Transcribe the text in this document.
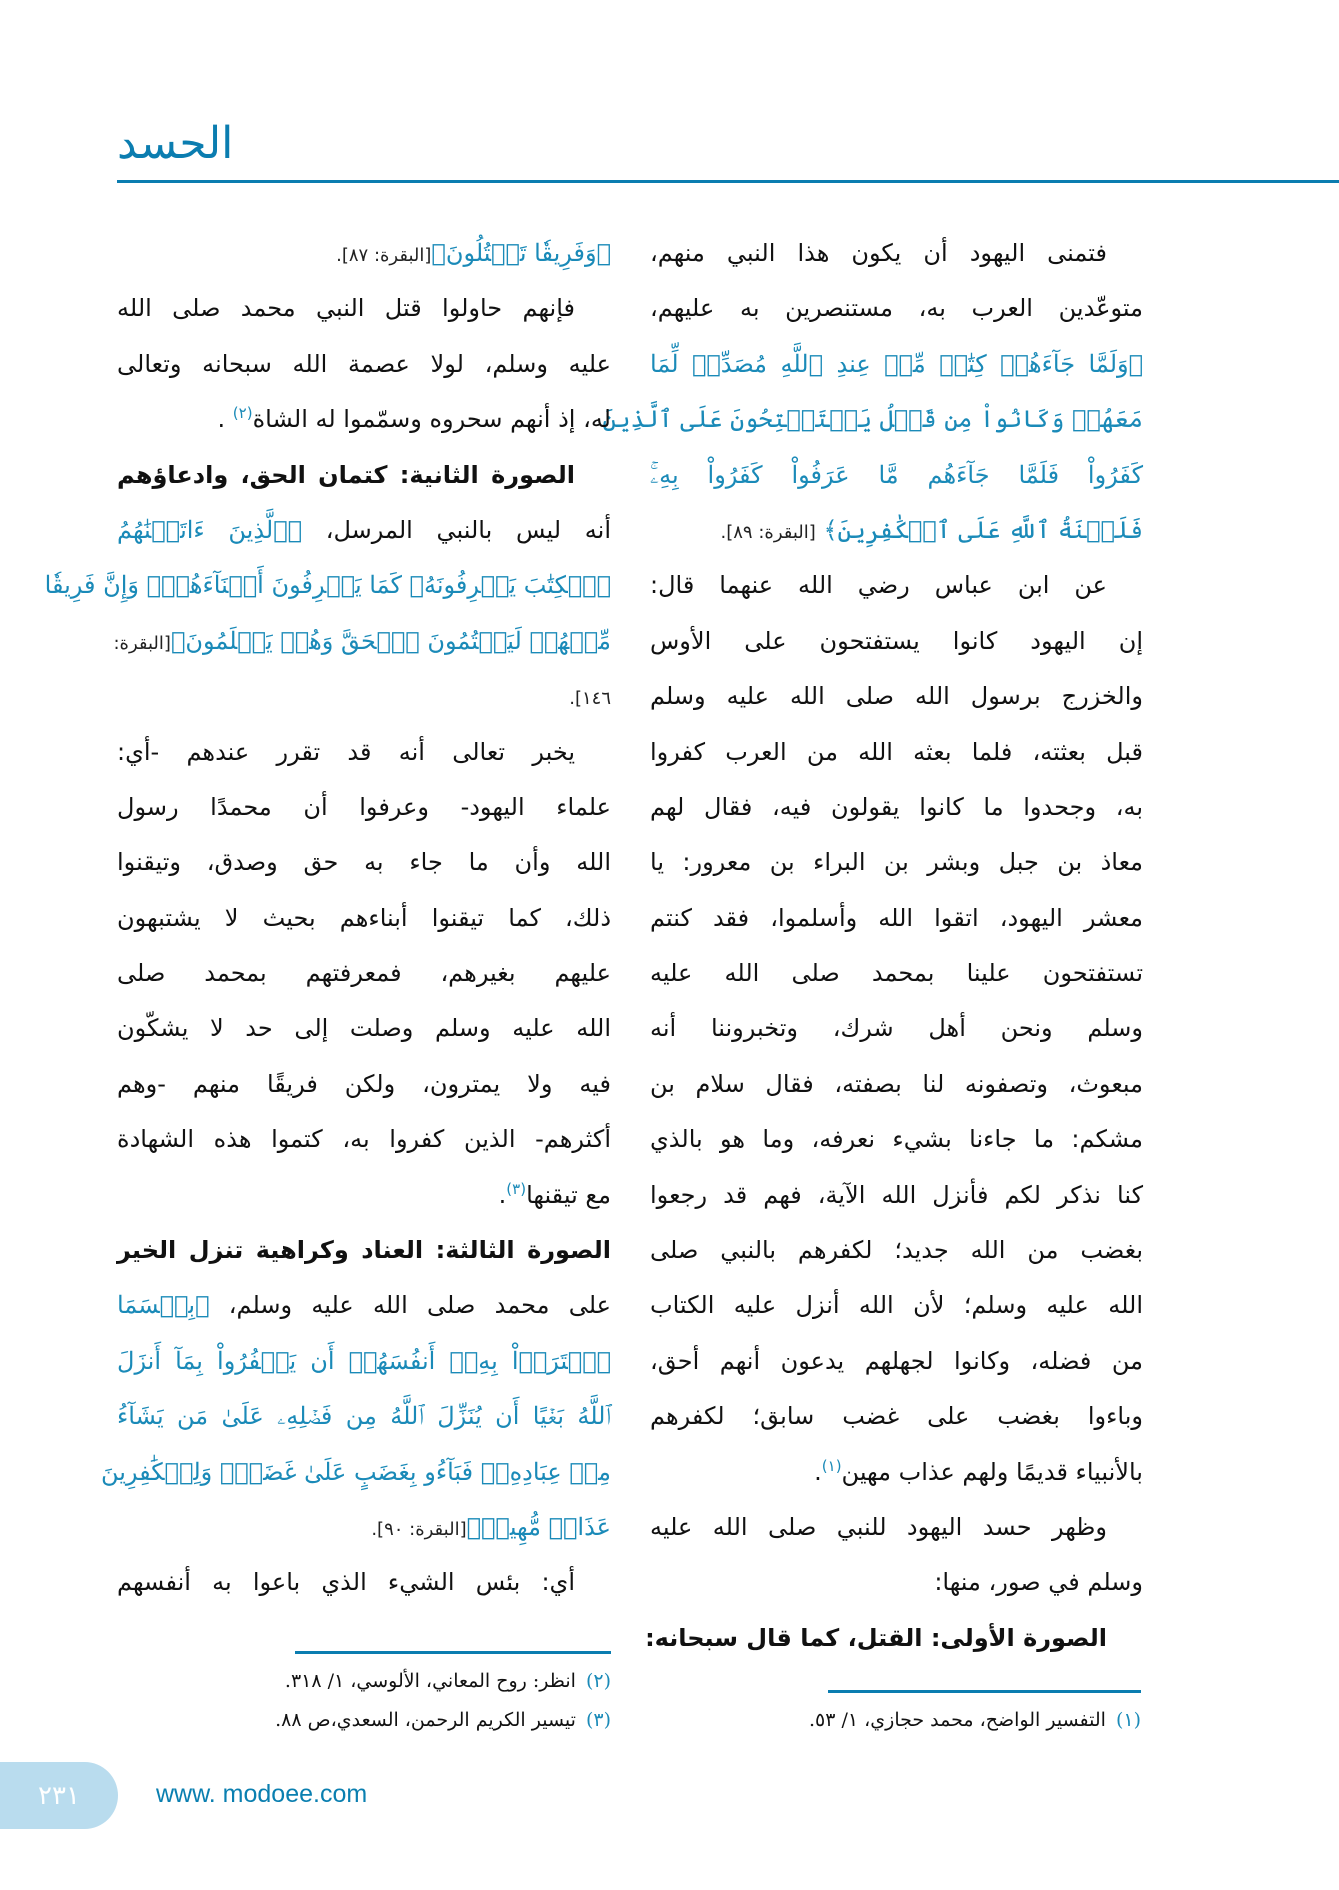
الحسد
فتمنى اليهود أن يكون هذا النبي منهم،
متوعّدين العرب به، مستنصرين به عليهم،
﴿وَلَمَّا جَآءَهُمۡ كِتَٰبٞ مِّنۡ عِندِ ٱللَّهِ مُصَدِّقٞ لِّمَا
مَعَهُمۡ وَكَانُواْ مِن قَبۡلُ يَسۡتَفۡتِحُونَ عَلَى ٱلَّذِينَ
كَفَرُواْ فَلَمَّا جَآءَهُم مَّا عَرَفُواْ كَفَرُواْ بِهِۦۚ
فَلَعۡنَةُ ٱللَّهِ عَلَى ٱلۡكَٰفِرِينَ﴾ [البقرة: ٨٩].
عن ابن عباس رضي الله عنهما قال:
إن اليهود كانوا يستفتحون على الأوس
والخزرج برسول الله صلى الله عليه وسلم
قبل بعثته، فلما بعثه الله من العرب كفروا
به، وجحدوا ما كانوا يقولون فيه، فقال لهم
معاذ بن جبل وبشر بن البراء بن معرور: يا
معشر اليهود، اتقوا الله وأسلموا، فقد كنتم
تستفتحون علينا بمحمد صلى الله عليه
وسلم ونحن أهل شرك، وتخبروننا أنه
مبعوث، وتصفونه لنا بصفته، فقال سلام بن
مشكم: ما جاءنا بشيء نعرفه، وما هو بالذي
كنا نذكر لكم فأنزل الله الآية، فهم قد رجعوا
بغضب من الله جديد؛ لكفرهم بالنبي صلى
الله عليه وسلم؛ لأن الله أنزل عليه الكتاب
من فضله، وكانوا لجهلهم يدعون أنهم أحق،
وباءوا بغضب على غضب سابق؛ لكفرهم
بالأنبياء قديمًا ولهم عذاب مهين$^{(١)}$.
وظهر حسد اليهود للنبي صلى الله عليه
وسلم في صور، منها:
الصورة الأولى: القتل، كما قال سبحانه:
﴿وَفَرِيقٗا تَقۡتُلُونَ﴾[البقرة: ٨٧].
فإنهم حاولوا قتل النبي محمد صلى الله
عليه وسلم، لولا عصمة الله سبحانه وتعالى
له، إذ أنهم سحروه وسمّموا له الشاة$^{(٢)}$ .
الصورة الثانية: كتمان الحق، وادعاؤهم
أنه ليس بالنبي المرسل، ﴿ٱلَّذِينَ ءَاتَيۡنَٰهُمُ
ٱلۡكِتَٰبَ يَعۡرِفُونَهُۥ كَمَا يَعۡرِفُونَ أَبۡنَآءَهُمۡۖ وَإِنَّ فَرِيقٗا
مِّنۡهُمۡ لَيَكۡتُمُونَ ٱلۡحَقَّ وَهُمۡ يَعۡلَمُونَ﴾[البقرة:
١٤٦].
يخبر تعالى أنه قد تقرر عندهم -أي:
علماء اليهود- وعرفوا أن محمدًا رسول
الله وأن ما جاء به حق وصدق، وتيقنوا
ذلك، كما تيقنوا أبناءهم بحيث لا يشتبهون
عليهم بغيرهم، فمعرفتهم بمحمد صلى
الله عليه وسلم وصلت إلى حد لا يشكّون
فيه ولا يمترون، ولكن فريقًا منهم -وهم
أكثرهم- الذين كفروا به، كتموا هذه الشهادة
مع تيقنها$^{(٣)}$.
الصورة الثالثة: العناد وكراهية تنزل الخير
على محمد صلى الله عليه وسلم، ﴿بِئۡسَمَا
ٱشۡتَرَوۡاْ بِهِۦٓ أَنفُسَهُمۡ أَن يَكۡفُرُواْ بِمَآ أَنزَلَ
ٱللَّهُ بَغۡيًا أَن يُنَزِّلَ ٱللَّهُ مِن فَضۡلِهِۦ عَلَىٰ مَن يَشَآءُ
مِنۡ عِبَادِهِۦۖ فَبَآءُو بِغَضَبٍ عَلَىٰ غَضَبٖۚ وَلِلۡكَٰفِرِينَ
عَذَابٞ مُّهِينٞ﴾[البقرة: ٩٠].
أي: بئس الشيء الذي باعوا به أنفسهم
(٢)انظر: روح المعاني، الألوسي، ١/ ٣١٨.
(٣)تيسير الكريم الرحمن، السعدي،ص ٨٨.	(١)التفسير الواضح، محمد حجازي، ١/ ٥٣.
٢٣١	www. modoee.com
